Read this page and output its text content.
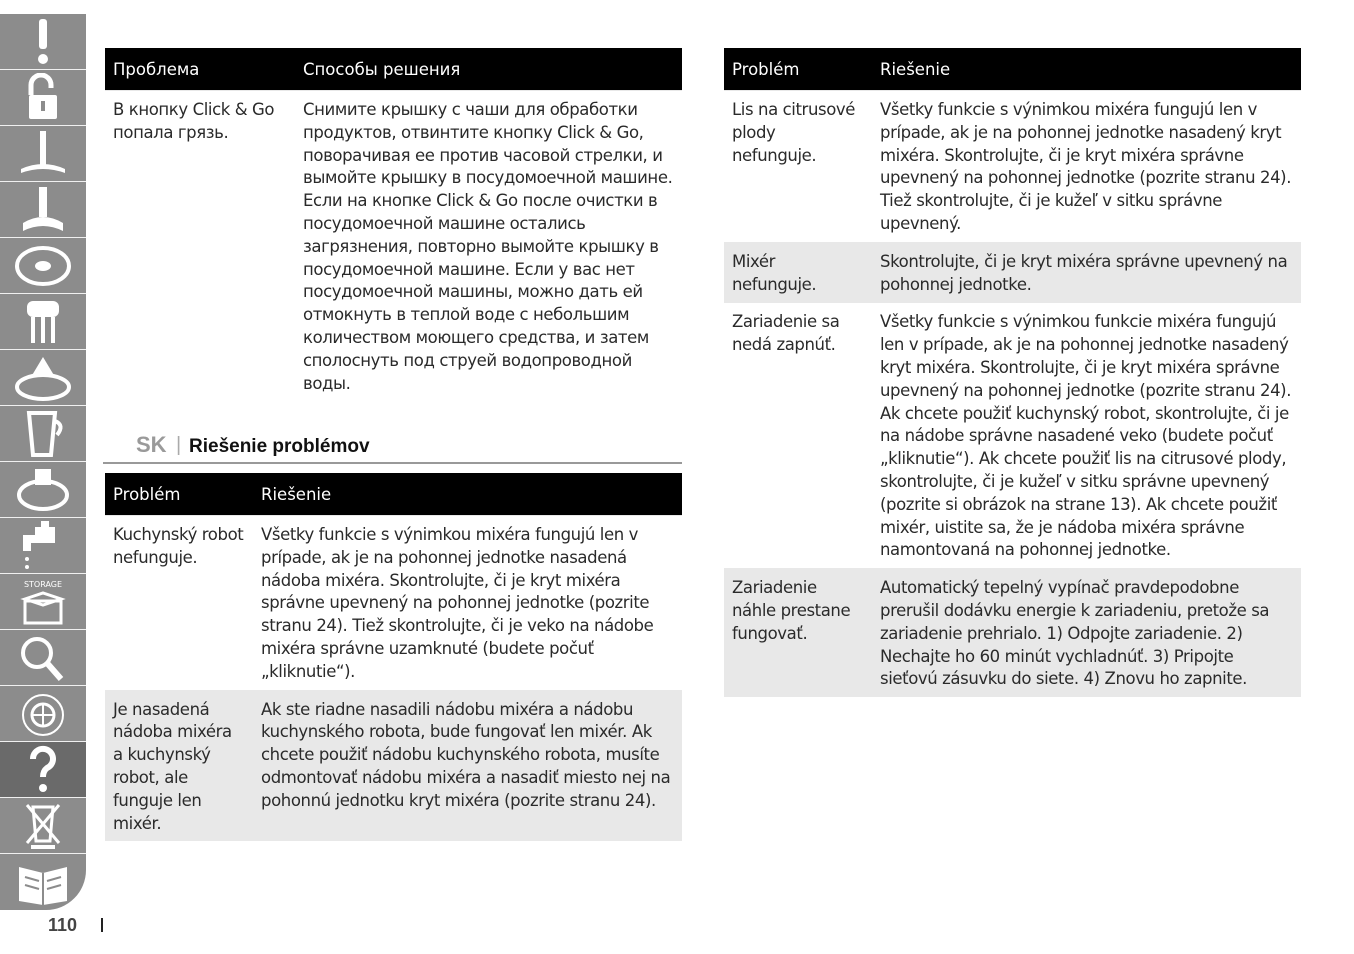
STORAGE
110
Проблема	Способы решения
В кнопку Click & Go попала грязь.	Снимите крышку с чаши для обработки продуктов, отвинтите кнопку Click & Go, поворачивая ее против часовой стрелки, и вымойте крышку в посудомоечной машине. Если на кнопке Click & Go после очистки в посудомоечной машине остались загрязнения, повторно вымойте крышку в посудомоечной машине. Если у вас нет посудомоечной машины, можно дать ей отмокнуть в теплой воде с небольшим количеством моющего средства, и затем сполоснуть под струей водопроводной воды.
SK | Riešenie problémov
Problém	Riešenie
Kuchynský robot nefunguje.	Všetky funkcie s výnimkou mixéra fungujú len v prípade, ak je na pohonnej jednotke nasadená nádoba mixéra. Skontrolujte, či je kryt mixéra správne upevnený na pohonnej jednotke (pozrite stranu 24). Tiež skontrolujte, či je veko na nádobe mixéra správne uzamknuté (budete počuť „kliknutie“).
Je nasadená nádoba mixéra a kuchynský robot, ale funguje len mixér.	Ak ste riadne nasadili nádobu mixéra a nádobu kuchynského robota, bude fungovať len mixér. Ak chcete použiť nádobu kuchynského robota, musíte odmontovať nádobu mixéra a nasadiť miesto nej na pohonnú jednotku kryt mixéra (pozrite stranu 24).
Problém	Riešenie
Lis na citrusové plody nefunguje.	Všetky funkcie s výnimkou mixéra fungujú len v prípade, ak je na pohonnej jednotke nasadený kryt mixéra. Skontrolujte, či je kryt mixéra správne upevnený na pohonnej jednotke (pozrite stranu 24). Tiež skontrolujte, či je kužeľ v sitku správne upevnený.
Mixér nefunguje.	Skontrolujte, či je kryt mixéra správne upevnený na pohonnej jednotke.
Zariadenie sa nedá zapnúť.	Všetky funkcie s výnimkou funkcie mixéra fungujú len v prípade, ak je na pohonnej jednotke nasadený kryt mixéra. Skontrolujte, či je kryt mixéra správne upevnený na pohonnej jednotke (pozrite stranu 24). Ak chcete použiť kuchynský robot, skontrolujte, či je na nádobe správne nasadené veko (budete počuť „kliknutie“). Ak chcete použiť lis na citrusové plody, skontrolujte, či je kužeľ v sitku správne upevnený (pozrite si obrázok na strane 13). Ak chcete použiť mixér, uistite sa, že je nádoba mixéra správne namontovaná na pohonnej jednotke.
Zariadenie náhle prestane fungovať.	Automatický tepelný vypínač pravdepodobne prerušil dodávku energie k zariadeniu, pretože sa zariadenie prehrialo. 1) Odpojte zariadenie. 2) Nechajte ho 60 minút vychladnúť. 3) Pripojte sieťovú zásuvku do siete. 4) Znovu ho zapnite.
